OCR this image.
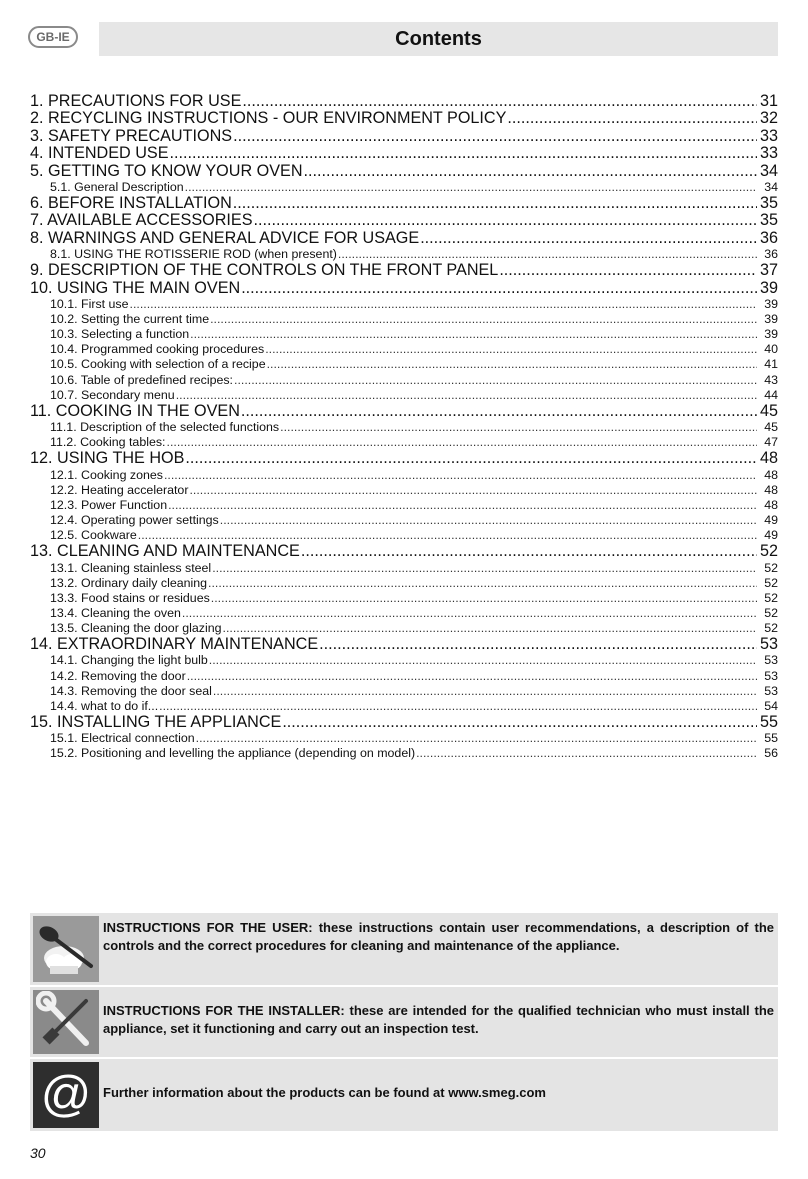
GB-IE	Contents
1. PRECAUTIONS FOR USE .....	31
2. RECYCLING INSTRUCTIONS - OUR ENVIRONMENT POLICY .....	32
3. SAFETY PRECAUTIONS .....	33
4. INTENDED USE .....	33
5. GETTING TO KNOW YOUR OVEN .....	34
5.1. General Description .....	34
6. BEFORE INSTALLATION .....	35
7. AVAILABLE ACCESSORIES .....	35
8. WARNINGS AND GENERAL ADVICE FOR USAGE .....	36
8.1. USING THE ROTISSERIE ROD (when present) .....	36
9. DESCRIPTION OF THE CONTROLS ON THE FRONT PANEL .....	37
10. USING THE MAIN OVEN .....	39
10.1. First use .....	39
10.2. Setting the current time .....	39
10.3. Selecting a function .....	39
10.4. Programmed cooking procedures .....	40
10.5. Cooking with selection of a recipe .....	41
10.6. Table of predefined recipes: .....	43
10.7. Secondary menu .....	44
11. COOKING IN THE OVEN .....	45
11.1. Description of the selected functions .....	45
11.2. Cooking tables: .....	47
12. USING THE HOB .....	48
12.1. Cooking zones .....	48
12.2. Heating accelerator .....	48
12.3. Power Function .....	48
12.4. Operating power settings .....	49
12.5. Cookware .....	49
13. CLEANING AND MAINTENANCE .....	52
13.1. Cleaning stainless steel .....	52
13.2. Ordinary daily cleaning .....	52
13.3. Food stains or residues .....	52
13.4. Cleaning the oven .....	52
13.5. Cleaning the door glazing .....	52
14. EXTRAORDINARY MAINTENANCE .....	53
14.1. Changing the light bulb .....	53
14.2. Removing the door .....	53
14.3. Removing the door seal .....	53
14.4. what to do if... .....	54
15. INSTALLING THE APPLIANCE .....	55
15.1. Electrical connection .....	55
15.2. Positioning and levelling the appliance (depending on model) .....	56
INSTRUCTIONS FOR THE USER: these instructions contain user recommendations, a description of the controls and the correct procedures for cleaning and maintenance of the appliance.
INSTRUCTIONS FOR THE INSTALLER: these are intended for the qualified technician who must install the appliance, set it functioning and carry out an inspection test.
@ Further information about the products can be found at www.smeg.com
30
